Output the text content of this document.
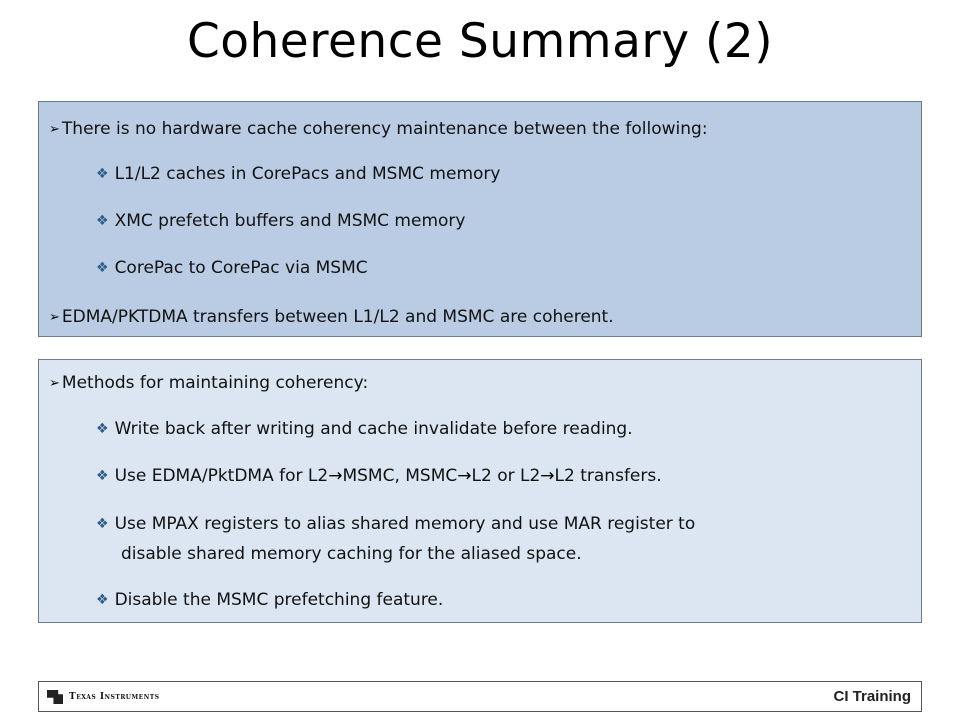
Coherence Summary (2)
➢ There is no hardware cache coherency maintenance between the following:
❖ L1/L2 caches in CorePacs and MSMC memory
❖ XMC prefetch buffers and MSMC memory
❖ CorePac to CorePac via MSMC
➢ EDMA/PKTDMA transfers between L1/L2 and MSMC are coherent.
➢ Methods for maintaining coherency:
❖ Write back after writing and cache invalidate before reading.
❖ Use EDMA/PktDMA for L2→MSMC, MSMC→L2 or L2→L2 transfers.
❖ Use MPAX registers to alias shared memory and use MAR register to
disable shared memory caching for the aliased space.
❖ Disable the MSMC prefetching feature.
Texas Instruments	CI Training
